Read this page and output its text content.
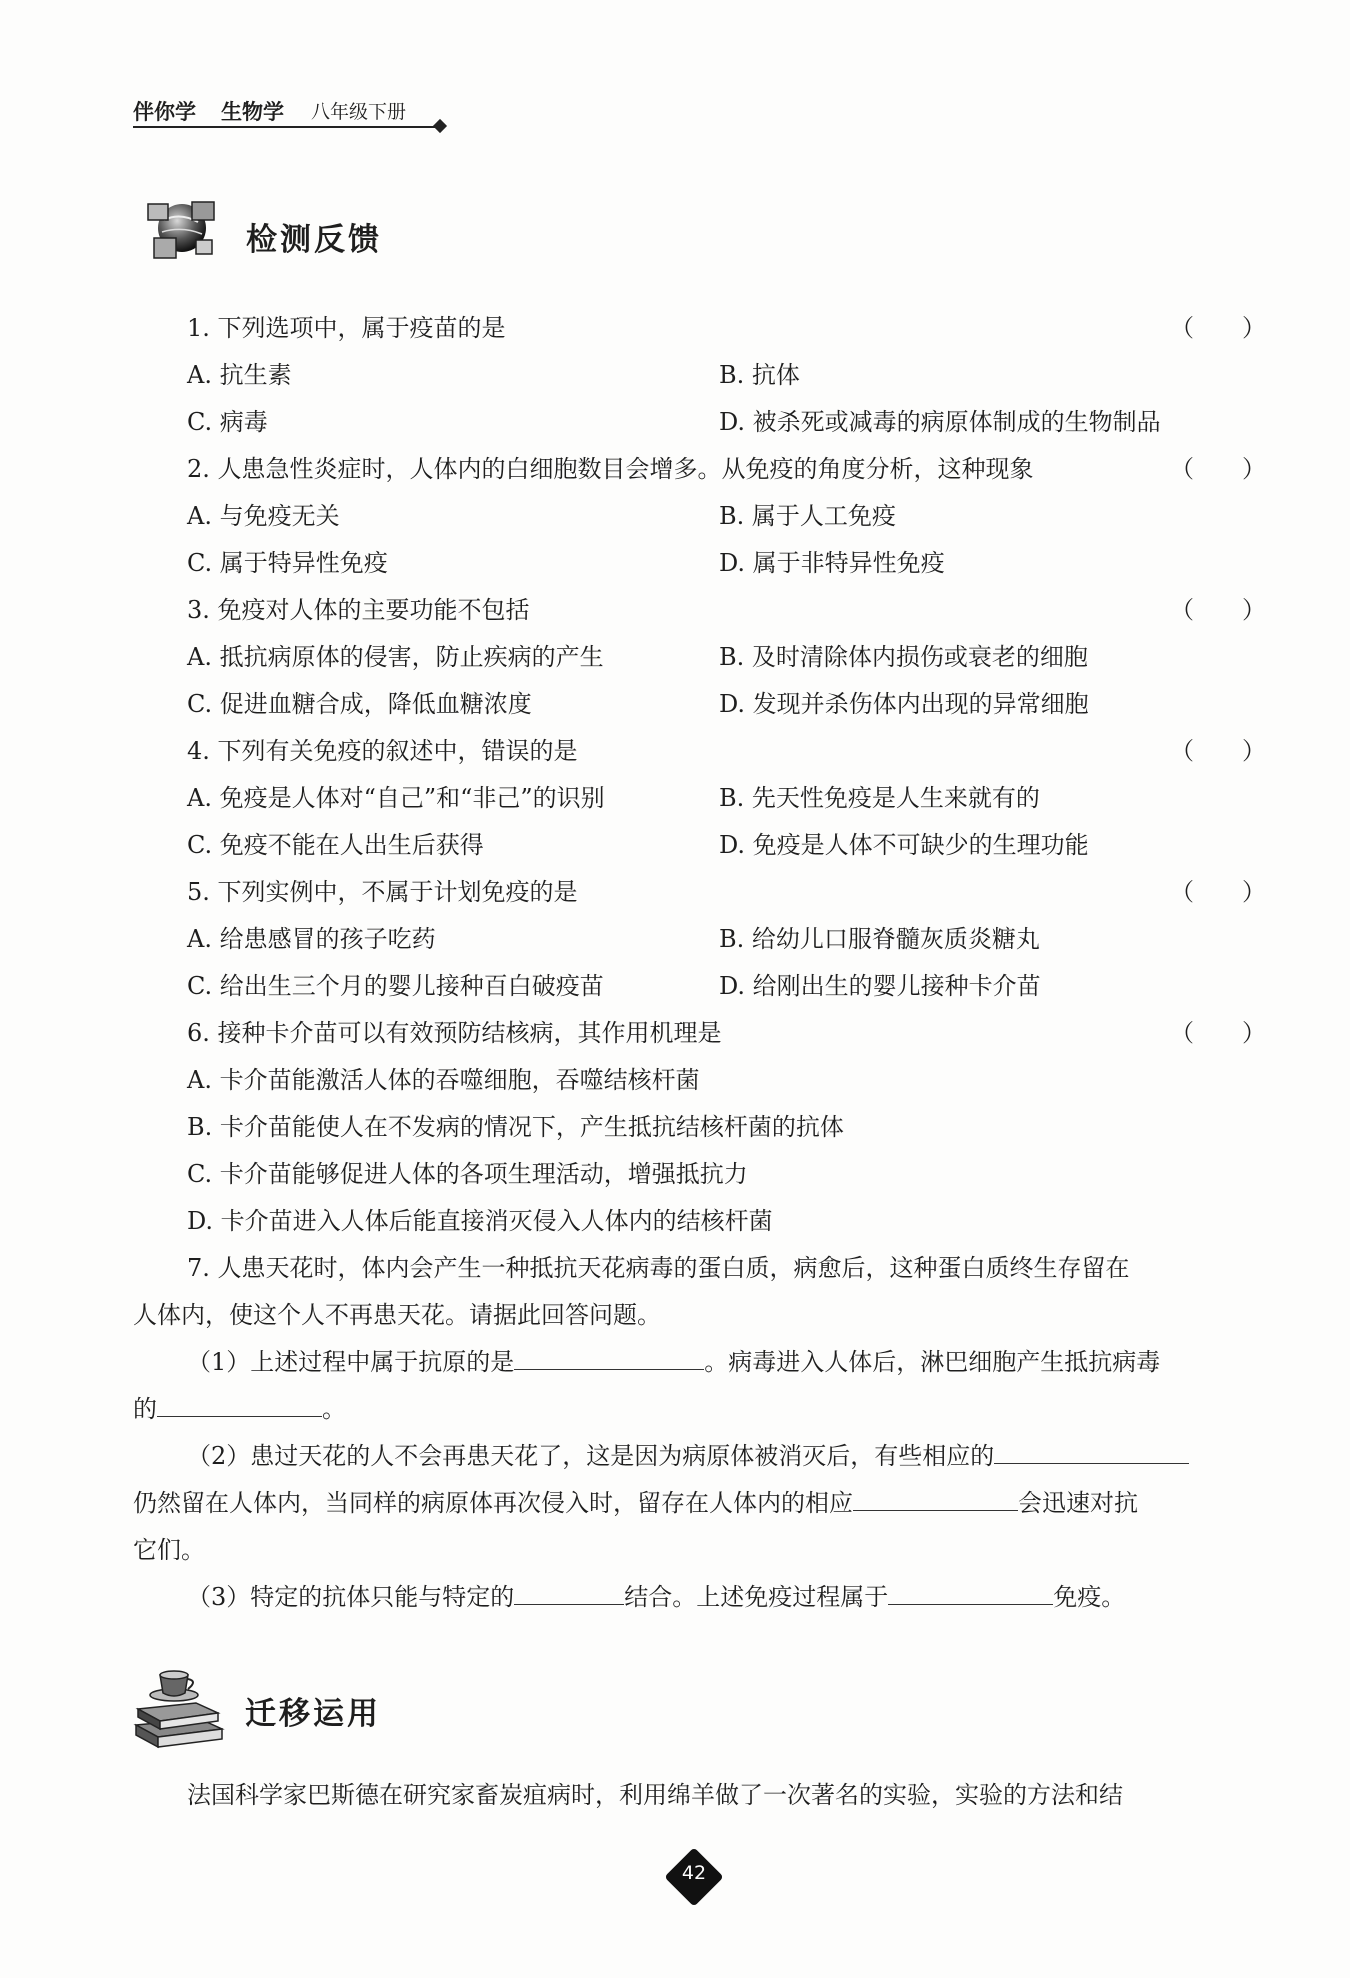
伴你学 生物学 八年级下册
检测反馈
1. 下列选项中，属于疫苗的是	（　　）
A. 抗生素	B. 抗体
C. 病毒	D. 被杀死或减毒的病原体制成的生物制品
2. 人患急性炎症时，人体内的白细胞数目会增多。从免疫的角度分析，这种现象	（　　）
A. 与免疫无关	B. 属于人工免疫
C. 属于特异性免疫	D. 属于非特异性免疫
3. 免疫对人体的主要功能不包括	（　　）
A. 抵抗病原体的侵害，防止疾病的产生	B. 及时清除体内损伤或衰老的细胞
C. 促进血糖合成，降低血糖浓度	D. 发现并杀伤体内出现的异常细胞
4. 下列有关免疫的叙述中，错误的是	（　　）
A. 免疫是人体对“自己”和“非己”的识别	B. 先天性免疫是人生来就有的
C. 免疫不能在人出生后获得	D. 免疫是人体不可缺少的生理功能
5. 下列实例中，不属于计划免疫的是	（　　）
A. 给患感冒的孩子吃药	B. 给幼儿口服脊髓灰质炎糖丸
C. 给出生三个月的婴儿接种百白破疫苗	D. 给刚出生的婴儿接种卡介苗
6. 接种卡介苗可以有效预防结核病，其作用机理是	（　　）
A. 卡介苗能激活人体的吞噬细胞，吞噬结核杆菌
B. 卡介苗能使人在不发病的情况下，产生抵抗结核杆菌的抗体
C. 卡介苗能够促进人体的各项生理活动，增强抵抗力
D. 卡介苗进入人体后能直接消灭侵入人体内的结核杆菌
7. 人患天花时，体内会产生一种抵抗天花病毒的蛋白质，病愈后，这种蛋白质终生存留在
人体内，使这个人不再患天花。请据此回答问题。
（1）上述过程中属于抗原的是	。病毒进入人体后，淋巴细胞产生抵抗病毒
的	。
（2）患过天花的人不会再患天花了，这是因为病原体被消灭后，有些相应的
仍然留在人体内，当同样的病原体再次侵入时，留存在人体内的相应	会迅速对抗
它们。
（3）特定的抗体只能与特定的	结合。上述免疫过程属于	免疫。
迁移运用
法国科学家巴斯德在研究家畜炭疽病时，利用绵羊做了一次著名的实验，实验的方法和结
42
